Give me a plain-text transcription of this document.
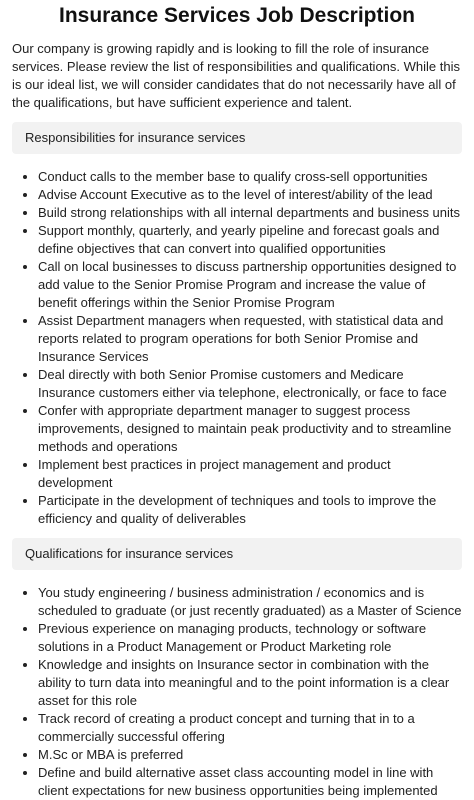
Insurance Services Job Description

Our company is growing rapidly and is looking to fill the role of insurance services. Please review the list of responsibilities and qualifications. While this is our ideal list, we will consider candidates that do not necessarily have all of the qualifications, but have sufficient experience and talent.

Responsibilities for insurance services
• Conduct calls to the member base to qualify cross-sell opportunities
• Advise Account Executive as to the level of interest/ability of the lead
• Build strong relationships with all internal departments and business units
• Support monthly, quarterly, and yearly pipeline and forecast goals and define objectives that can convert into qualified opportunities
• Call on local businesses to discuss partnership opportunities designed to add value to the Senior Promise Program and increase the value of benefit offerings within the Senior Promise Program
• Assist Department managers when requested, with statistical data and reports related to program operations for both Senior Promise and Insurance Services
• Deal directly with both Senior Promise customers and Medicare Insurance customers either via telephone, electronically, or face to face
• Confer with appropriate department manager to suggest process improvements, designed to maintain peak productivity and to streamline methods and operations
• Implement best practices in project management and product development
• Participate in the development of techniques and tools to improve the efficiency and quality of deliverables
Qualifications for insurance services
• You study engineering / business administration / economics and is scheduled to graduate (or just recently graduated) as a Master of Science
• Previous experience on managing products, technology or software solutions in a Product Management or Product Marketing role
• Knowledge and insights on Insurance sector in combination with the ability to turn data into meaningful and to the point information is a clear asset for this role
• Track record of creating a product concept and turning that in to a commercially successful offering
• M.Sc or MBA is preferred
• Define and build alternative asset class accounting model in line with client expectations for new business opportunities being implemented
